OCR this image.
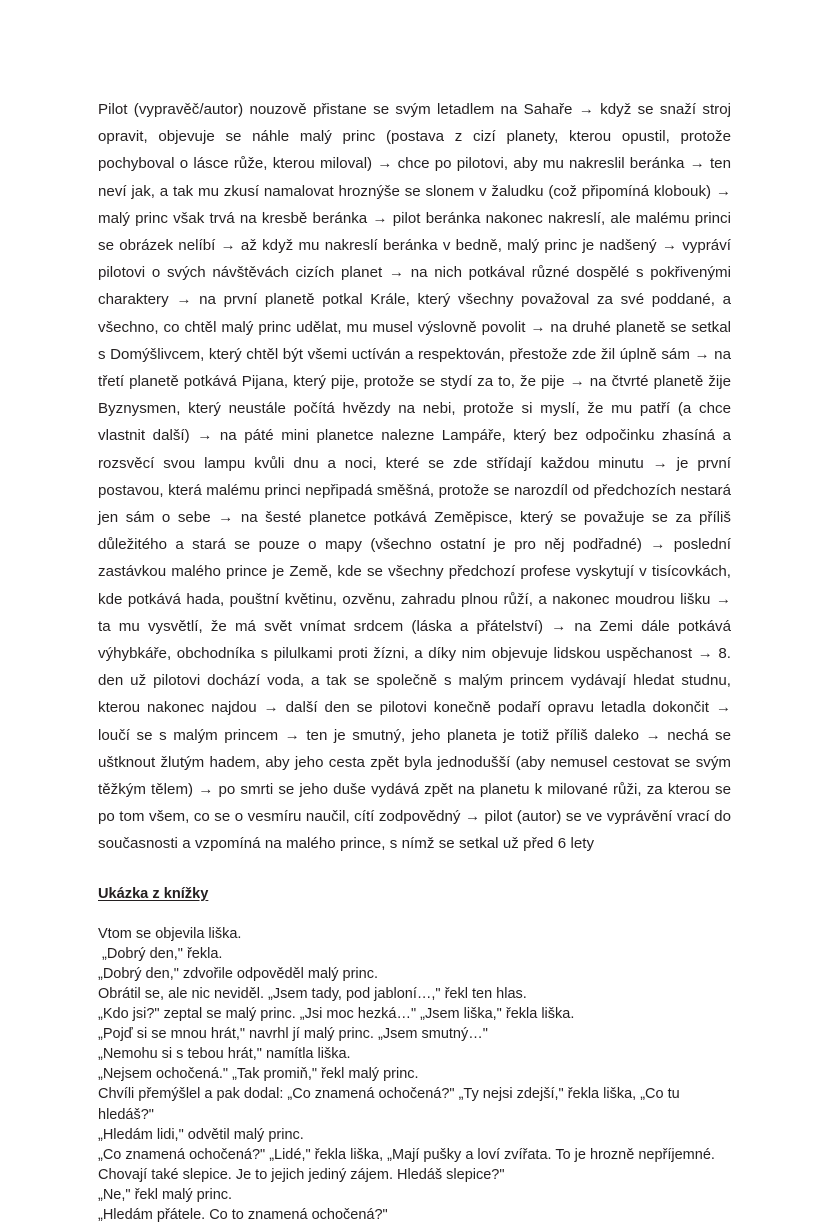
Pilot (vypravěč/autor) nouzově přistane se svým letadlem na Sahaře → když se snaží stroj opravit, objevuje se náhle malý princ (postava z cizí planety, kterou opustil, protože pochyboval o lásce růže, kterou miloval) → chce po pilotovi, aby mu nakreslil beránka → ten neví jak, a tak mu zkusí namalovat hroznýše se slonem v žaludku (což připomíná klobouk) → malý princ však trvá na kresbě beránka → pilot beránka nakonec nakreslí, ale malému princi se obrázek nelíbí → až když mu nakreslí beránka v bedně, malý princ je nadšený → vypráví pilotovi o svých návštěvách cizích planet → na nich potkával různé dospělé s pokřivenými charaktery → na první planetě potkal Krále, který všechny považoval za své poddané, a všechno, co chtěl malý princ udělat, mu musel výslovně povolit → na druhé planetě se setkal s Domýšlivcem, který chtěl být všemi uctíván a respektován, přestože zde žil úplně sám → na třetí planetě potkává Pijana, který pije, protože se stydí za to, že pije → na čtvrté planetě žije Byznysmen, který neustále počítá hvězdy na nebi, protože si myslí, že mu patří (a chce vlastnit další) → na páté mini planetce nalezne Lampáře, který bez odpočinku zhasíná a rozsvěcí svou lampu kvůli dnu a noci, které se zde střídají každou minutu → je první postavou, která malému princi nepřipadá směšná, protože se narozdíl od předchozích nestará jen sám o sebe → na šesté planetce potkává Zeměpisce, který se považuje se za příliš důležitého a stará se pouze o mapy (všechno ostatní je pro něj podřadné) → poslední zastávkou malého prince je Země, kde se všechny předchozí profese vyskytují v tisícovkách, kde potkává hada, pouštní květinu, ozvěnu, zahradu plnou růží, a nakonec moudrou lišku → ta mu vysvětlí, že má svět vnímat srdcem (láska a přátelství) → na Zemi dále potkává výhybkáře, obchodníka s pilulkami proti žízni, a díky nim objevuje lidskou uspěchanost → 8. den už pilotovi dochází voda, a tak se společně s malým princem vydávají hledat studnu, kterou nakonec najdou → další den se pilotovi konečně podaří opravu letadla dokončit → loučí se s malým princem → ten je smutný, jeho planeta je totiž příliš daleko → nechá se uštknout žlutým hadem, aby jeho cesta zpět byla jednodušší (aby nemusel cestovat se svým těžkým tělem) → po smrti se jeho duše vydává zpět na planetu k milované růži, za kterou se po tom všem, co se o vesmíru naučil, cítí zodpovědný → pilot (autor) se ve vyprávění vrací do současnosti a vzpomíná na malého prince, s nímž se setkal už před 6 lety

Ukázka z knížky

Vtom se objevila liška.

„Dobrý den," řekla.

„Dobrý den," zdvořile odpověděl malý princ.

Obrátil se, ale nic neviděl. „Jsem tady, pod jabloní…," řekl ten hlas.

„Kdo jsi?" zeptal se malý princ. „Jsi moc hezká…" „Jsem liška," řekla liška.

„Pojď si se mnou hrát," navrhl jí malý princ. „Jsem smutný…"

„Nemohu si s tebou hrát," namítla liška.

„Nejsem ochočená." „Tak promiň," řekl malý princ.

Chvíli přemýšlel a pak dodal: „Co znamená ochočená?" „Ty nejsi zdejší," řekla liška, „Co tu hledáš?"

„Hledám lidi," odvětil malý princ.

„Co znamená ochočená?" „Lidé," řekla liška, „Mají pušky a loví zvířata. To je hrozně nepříjemné.

Chovají také slepice. Je to jejich jediný zájem. Hledáš slepice?"

„Ne," řekl malý princ.

„Hledám přátele. Co to znamená ochočená?"
